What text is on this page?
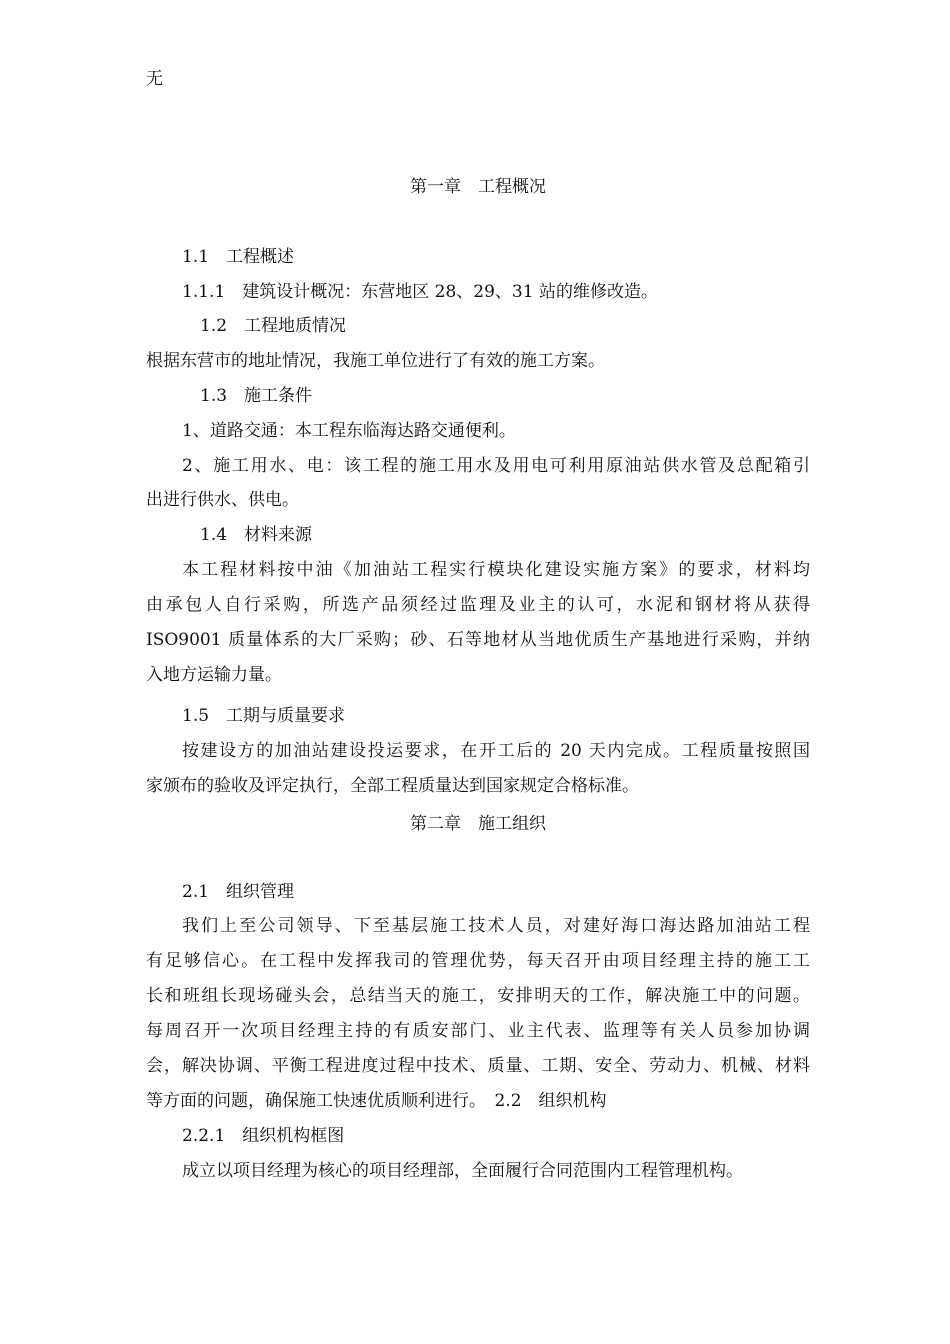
无
第一章　工程概况
1.1　工程概述
1.1.1　建筑设计概况：东营地区 28、29、31 站的维修改造。
1.2　工程地质情况
根据东营市的地址情况，我施工单位进行了有效的施工方案。
1.3　施工条件
1、道路交通：本工程东临海达路交通便利。
2、施工用水、电：该工程的施工用水及用电可利用原油站供水管及总配箱引
出进行供水、供电。
1.4　材料来源
本工程材料按中油《加油站工程实行模块化建设实施方案》的要求，材料均
由承包人自行采购，所选产品须经过监理及业主的认可，水泥和钢材将从获得
ISO9001 质量体系的大厂采购；砂、石等地材从当地优质生产基地进行采购，并纳
入地方运输力量。
1.5　工期与质量要求
按建设方的加油站建设投运要求，在开工后的 20 天内完成。工程质量按照国
家颁布的验收及评定执行，全部工程质量达到国家规定合格标准。
第二章　施工组织
2.1　组织管理
我们上至公司领导、下至基层施工技术人员，对建好海口海达路加油站工程
有足够信心。在工程中发挥我司的管理优势，每天召开由项目经理主持的施工工
长和班组长现场碰头会，总结当天的施工，安排明天的工作，解决施工中的问题。
每周召开一次项目经理主持的有质安部门、业主代表、监理等有关人员参加协调
会，解决协调、平衡工程进度过程中技术、质量、工期、安全、劳动力、机械、材料
等方面的问题，确保施工快速优质顺利进行。　2.2　组织机构
2.2.1　组织机构框图
成立以项目经理为核心的项目经理部，全面履行合同范围内工程管理机构。
